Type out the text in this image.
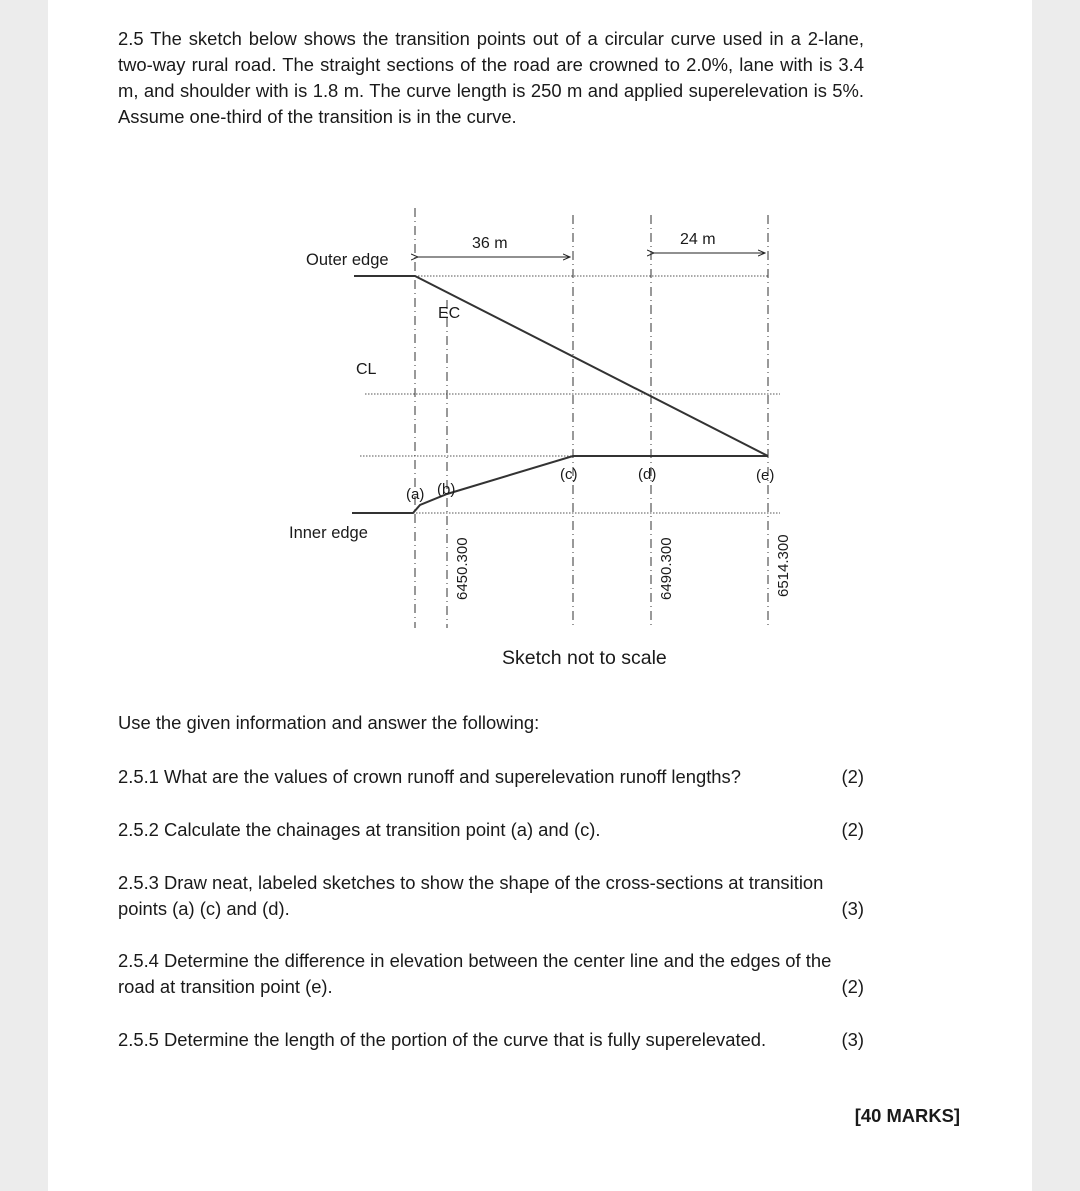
2.5 The sketch below shows the transition points out of a circular curve used in a 2-lane, two-way rural road. The straight sections of the road are crowned to 2.0%, lane with is 3.4 m, and shoulder with is 1.8 m. The curve length is 250 m and applied superelevation is 5%. Assume one-third of the transition is in the curve.
Outer edge
CL
Inner edge
EC
36 m	24 m
(a) (b)
(c)	(d)	(e)
6450.300	6490.300	6514.300
Sketch not to scale
Use the given information and answer the following:
2.5.1 What are the values of crown runoff and superelevation runoff lengths?	(2)
2.5.2 Calculate the chainages at transition point (a) and (c).	(2)
2.5.3 Draw neat, labeled sketches to show the shape of the cross-sections at transition points (a) (c) and (d).	(3)
2.5.4 Determine the difference in elevation between the center line and the edges of the road at transition point (e).	(2)
2.5.5 Determine the length of the portion of the curve that is fully superelevated.	(3)
[40 MARKS]
